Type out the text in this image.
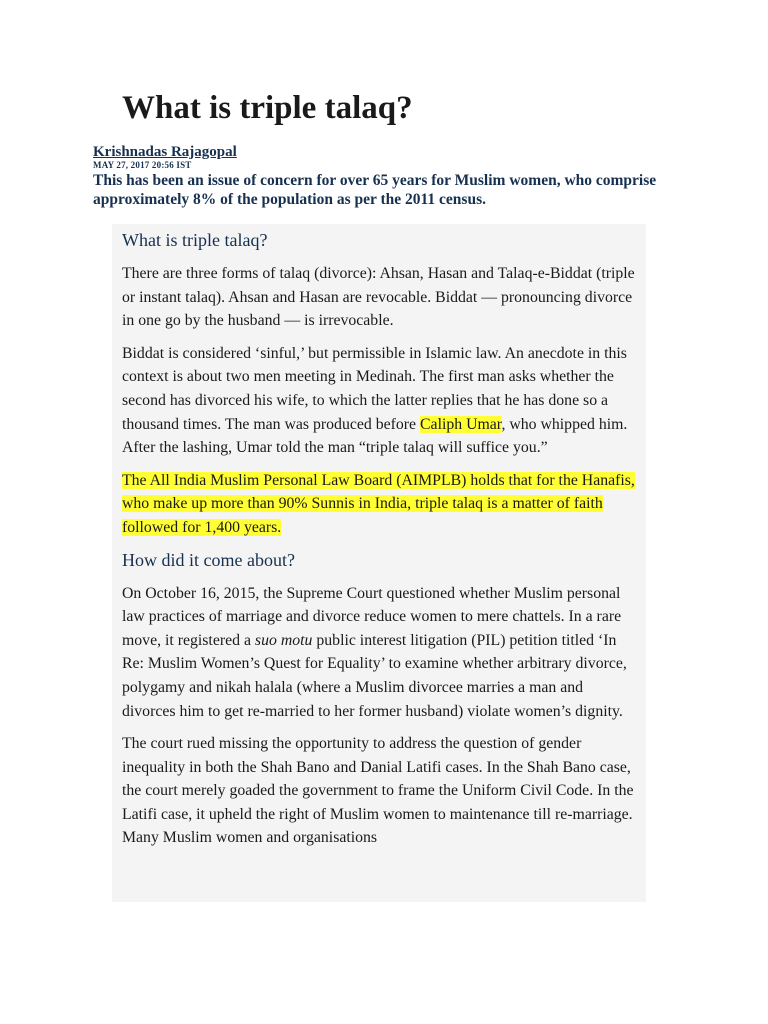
What is triple talaq?
Krishnadas Rajagopal
MAY 27, 2017 20:56 IST

This has been an issue of concern for over 65 years for Muslim women, who comprise approximately 8% of the population as per the 2011 census.

What is triple talaq?

There are three forms of talaq (divorce): Ahsan, Hasan and Talaq-e-Biddat (triple or instant talaq). Ahsan and Hasan are revocable. Biddat — pronouncing divorce in one go by the husband — is irrevocable.

Biddat is considered ‘sinful,’ but permissible in Islamic law. An anecdote in this context is about two men meeting in Medinah. The first man asks whether the second has divorced his wife, to which the latter replies that he has done so a thousand times. The man was produced before Caliph Umar, who whipped him. After the lashing, Umar told the man “triple talaq will suffice you.”

The All India Muslim Personal Law Board (AIMPLB) holds that for the Hanafis, who make up more than 90% Sunnis in India, triple talaq is a matter of faith followed for 1,400 years.

How did it come about?

On October 16, 2015, the Supreme Court questioned whether Muslim personal law practices of marriage and divorce reduce women to mere chattels. In a rare move, it registered a suo motu public interest litigation (PIL) petition titled ‘In Re: Muslim Women’s Quest for Equality’ to examine whether arbitrary divorce, polygamy and nikah halala (where a Muslim divorcee marries a man and divorces him to get re-married to her former husband) violate women’s dignity.

The court rued missing the opportunity to address the question of gender inequality in both the Shah Bano and Danial Latifi cases. In the Shah Bano case, the court merely goaded the government to frame the Uniform Civil Code. In the Latifi case, it upheld the right of Muslim women to maintenance till re-marriage. Many Muslim women and organisations
